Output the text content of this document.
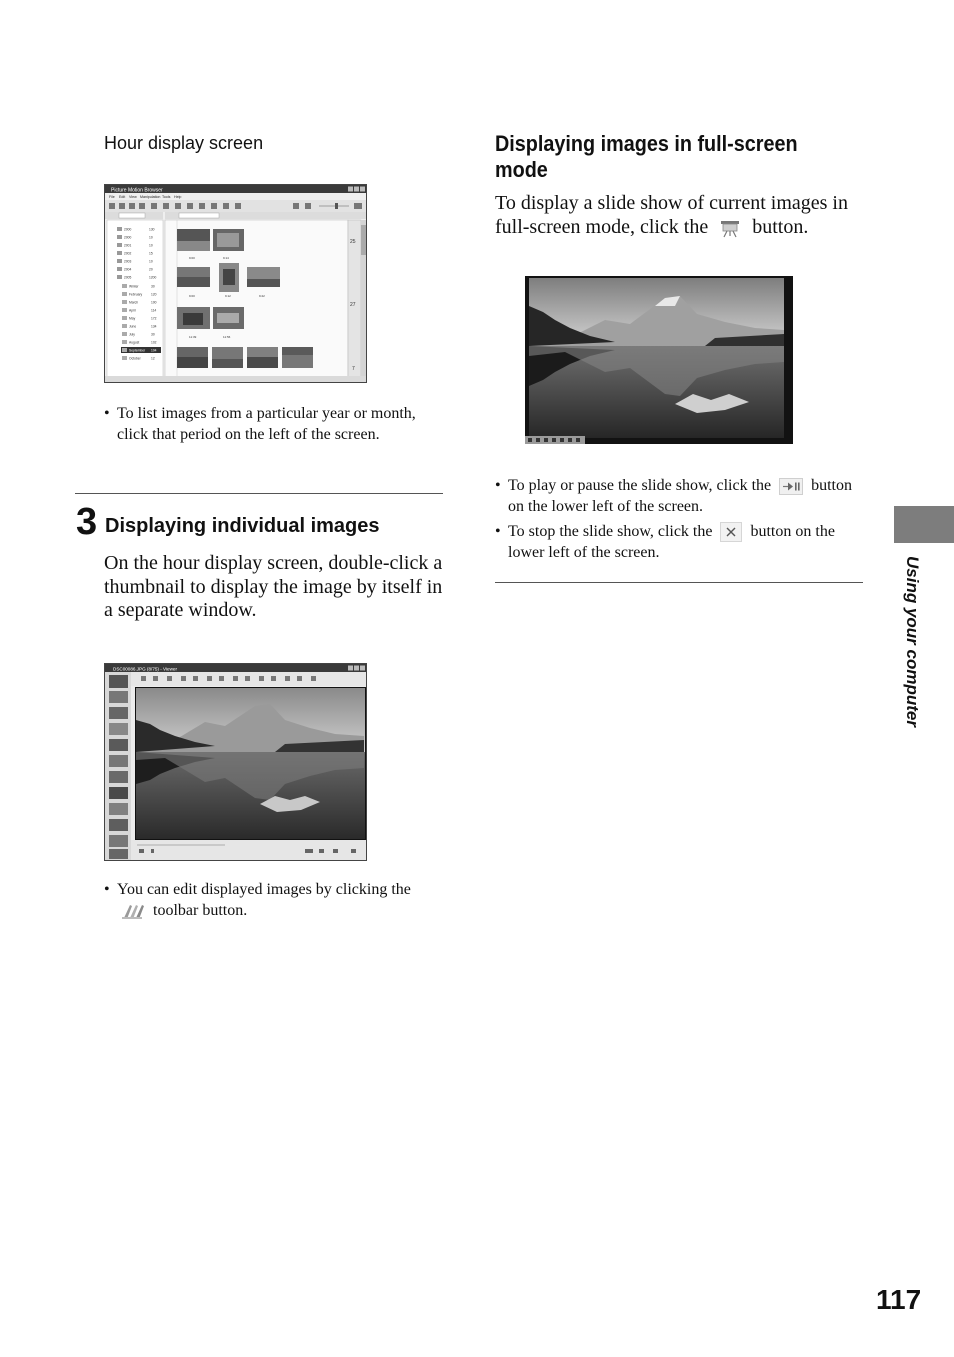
Hour display screen
Picture Motion Browser
File Edit View Manipulation Tools Help
2000	130
2000	10
2001	10
2002	15
2003	10
2004	20
2005	1200
Winter	30
February	120
March	100
April	114
May	172
June	134
July	30
August	102
September 104
October	12
9:00	9:14
9:00	9:12	9:22
11:39	11:56
25
27
7
• To list images from a particular year or month, click that period on the left of the screen.
3 Displaying individual images
On the hour display screen, double-click a thumbnail to display the image by itself in a separate window.
DSC00086.JPG (8/75) - Viewer
• You can edit displayed images by clicking the  toolbar button.
Displaying images in full-screen mode
To display a slide show of current images in full-screen mode, click the button.
• To play or pause the slide show, click the	button on the lower left of the screen.
• To stop the slide show, click the button on the lower left of the screen.
Using your computer
117
